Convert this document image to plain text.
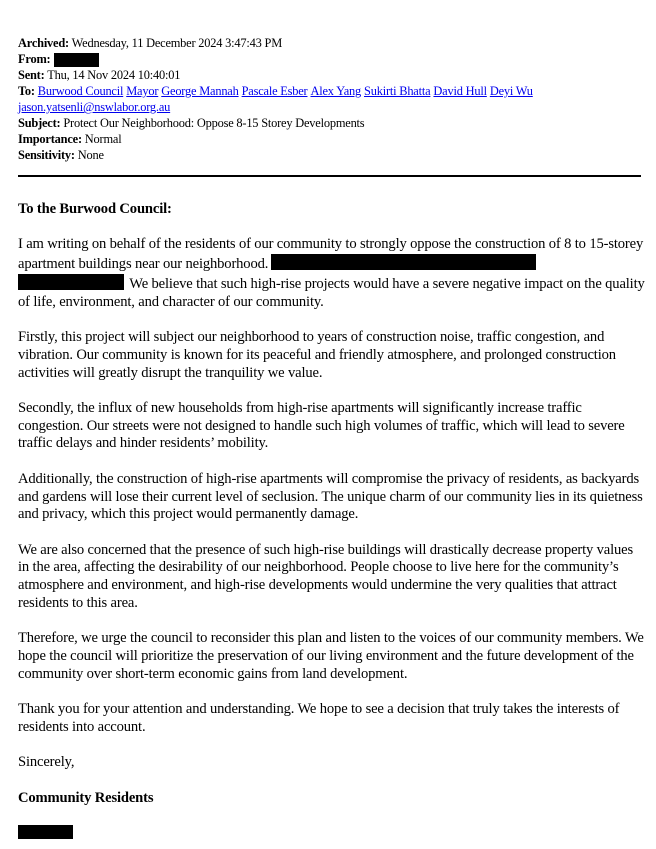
Archived: Wednesday, 11 December 2024 3:47:43 PM
From:
Sent: Thu, 14 Nov 2024 10:40:01
To: Burwood Council Mayor George Mannah Pascale Esber Alex Yang Sukirti Bhatta David Hull Deyi Wu
jason.yatsenli@nswlabor.org.au
Subject: Protect Our Neighborhood: Oppose 8-15 Storey Developments
Importance: Normal
Sensitivity: None

To the Burwood Council:

I am writing on behalf of the residents of our community to strongly oppose the construction of 8 to 15-storey apartment buildings near our neighborhood.  We believe that such high-rise projects would have a severe negative impact on the quality of life, environment, and character of our community.

Firstly, this project will subject our neighborhood to years of construction noise, traffic congestion, and vibration. Our community is known for its peaceful and friendly atmosphere, and prolonged construction activities will greatly disrupt the tranquility we value.

Secondly, the influx of new households from high-rise apartments will significantly increase traffic congestion. Our streets were not designed to handle such high volumes of traffic, which will lead to severe traffic delays and hinder residents’ mobility.

Additionally, the construction of high-rise apartments will compromise the privacy of residents, as backyards and gardens will lose their current level of seclusion. The unique charm of our community lies in its quietness and privacy, which this project would permanently damage.

We are also concerned that the presence of such high-rise buildings will drastically decrease property values in the area, affecting the desirability of our neighborhood. People choose to live here for the community’s atmosphere and environment, and high-rise developments would undermine the very qualities that attract residents to this area.

Therefore, we urge the council to reconsider this plan and listen to the voices of our community members. We hope the council will prioritize the preservation of our living environment and the future development of the community over short-term economic gains from land development.

Thank you for your attention and understanding. We hope to see a decision that truly takes the interests of residents into account.

Sincerely,

Community Residents
